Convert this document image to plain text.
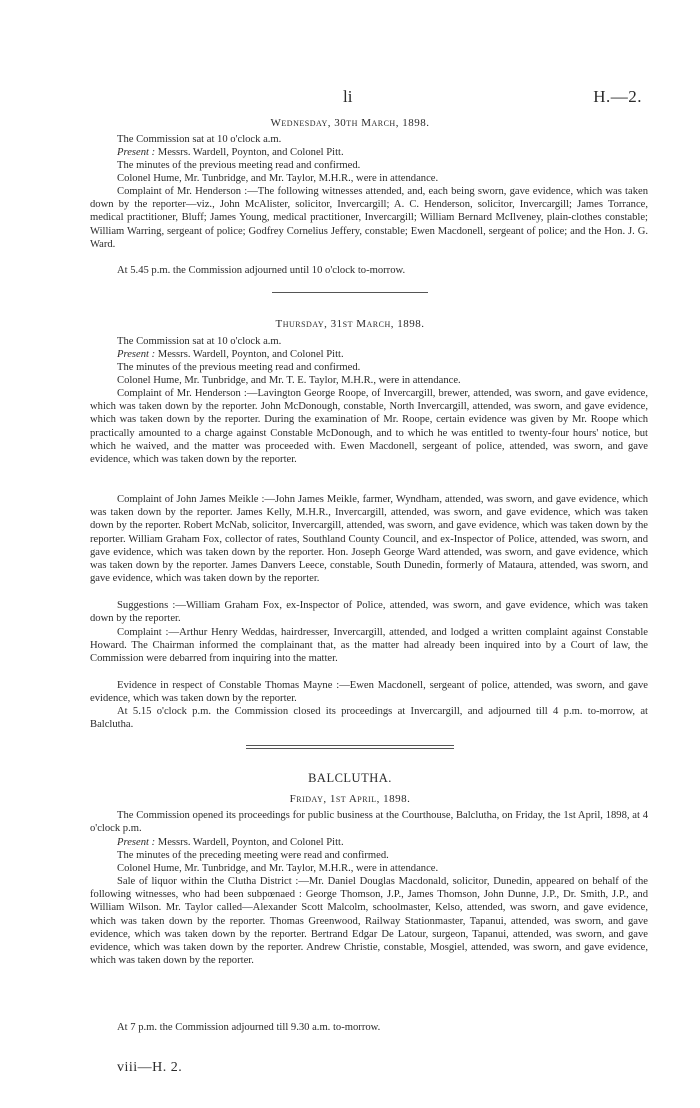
li	H.—2.
Wednesday, 30th March, 1898.
The Commission sat at 10 o'clock a.m.
Present : Messrs. Wardell, Poynton, and Colonel Pitt.
The minutes of the previous meeting read and confirmed.
Colonel Hume, Mr. Tunbridge, and Mr. Taylor, M.H.R., were in attendance.
Complaint of Mr. Henderson :—The following witnesses attended, and, each being sworn, gave evidence, which was taken down by the reporter—viz., John McAlister, solicitor, Invercargill; A. C. Henderson, solicitor, Invercargill; James Torrance, medical practitioner, Bluff; James Young, medical practitioner, Invercargill; William Bernard McIlveney, plain-clothes constable; William Warring, sergeant of police; Godfrey Cornelius Jeffery, constable; Ewen Macdonell, sergeant of police; and the Hon. J. G. Ward.
At 5.45 p.m. the Commission adjourned until 10 o'clock to-morrow.
Thursday, 31st March, 1898.
The Commission sat at 10 o'clock a.m.
Present : Messrs. Wardell, Poynton, and Colonel Pitt.
The minutes of the previous meeting read and confirmed.
Colonel Hume, Mr. Tunbridge, and Mr. T. E. Taylor, M.H.R., were in attendance.
Complaint of Mr. Henderson :—Lavington George Roope, of Invercargill, brewer, attended, was sworn, and gave evidence, which was taken down by the reporter. John McDonough, constable, North Invercargill, attended, was sworn, and gave evidence, which was taken down by the reporter. During the examination of Mr. Roope, certain evidence was given by Mr. Roope which practically amounted to a charge against Constable McDonough, and to which he was entitled to twenty-four hours' notice, but which he waived, and the matter was proceeded with. Ewen Macdonell, sergeant of police, attended, was sworn, and gave evidence, which was taken down by the reporter.
Complaint of John James Meikle :—John James Meikle, farmer, Wyndham, attended, was sworn, and gave evidence, which was taken down by the reporter. James Kelly, M.H.R., Invercargill, attended, was sworn, and gave evidence, which was taken down by the reporter. Robert McNab, solicitor, Invercargill, attended, was sworn, and gave evidence, which was taken down by the reporter. William Graham Fox, collector of rates, Southland County Council, and ex-Inspector of Police, attended, was sworn, and gave evidence, which was taken down by the reporter. Hon. Joseph George Ward attended, was sworn, and gave evidence, which was taken down by the reporter. James Danvers Leece, constable, South Dunedin, formerly of Mataura, attended, was sworn, and gave evidence, which was taken down by the reporter.
Suggestions :—William Graham Fox, ex-Inspector of Police, attended, was sworn, and gave evidence, which was taken down by the reporter.
Complaint :—Arthur Henry Weddas, hairdresser, Invercargill, attended, and lodged a written complaint against Constable Howard. The Chairman informed the complainant that, as the matter had already been inquired into by a Court of law, the Commission were debarred from inquiring into the matter.
Evidence in respect of Constable Thomas Mayne :—Ewen Macdonell, sergeant of police, attended, was sworn, and gave evidence, which was taken down by the reporter.
At 5.15 o'clock p.m. the Commission closed its proceedings at Invercargill, and adjourned till 4 p.m. to-morrow, at Balclutha.
BALCLUTHA.
Friday, 1st April, 1898.
The Commission opened its proceedings for public business at the Courthouse, Balclutha, on Friday, the 1st April, 1898, at 4 o'clock p.m.
Present : Messrs. Wardell, Poynton, and Colonel Pitt.
The minutes of the preceding meeting were read and confirmed.
Colonel Hume, Mr. Tunbridge, and Mr. Taylor, M.H.R., were in attendance.
Sale of liquor within the Clutha District :—Mr. Daniel Douglas Macdonald, solicitor, Dunedin, appeared on behalf of the following witnesses, who had been subpœnaed : George Thomson, J.P., James Thomson, John Dunne, J.P., Dr. Smith, J.P., and William Wilson. Mr. Taylor called—Alexander Scott Malcolm, schoolmaster, Kelso, attended, was sworn, and gave evidence, which was taken down by the reporter. Thomas Greenwood, Railway Stationmaster, Tapanui, attended, was sworn, and gave evidence, which was taken down by the reporter. Bertrand Edgar De Latour, surgeon, Tapanui, attended, was sworn, and gave evidence, which was taken down by the reporter. Andrew Christie, constable, Mosgiel, attended, was sworn, and gave evidence, which was taken down by the reporter.
At 7 p.m. the Commission adjourned till 9.30 a.m. to-morrow.
viii—H. 2.
